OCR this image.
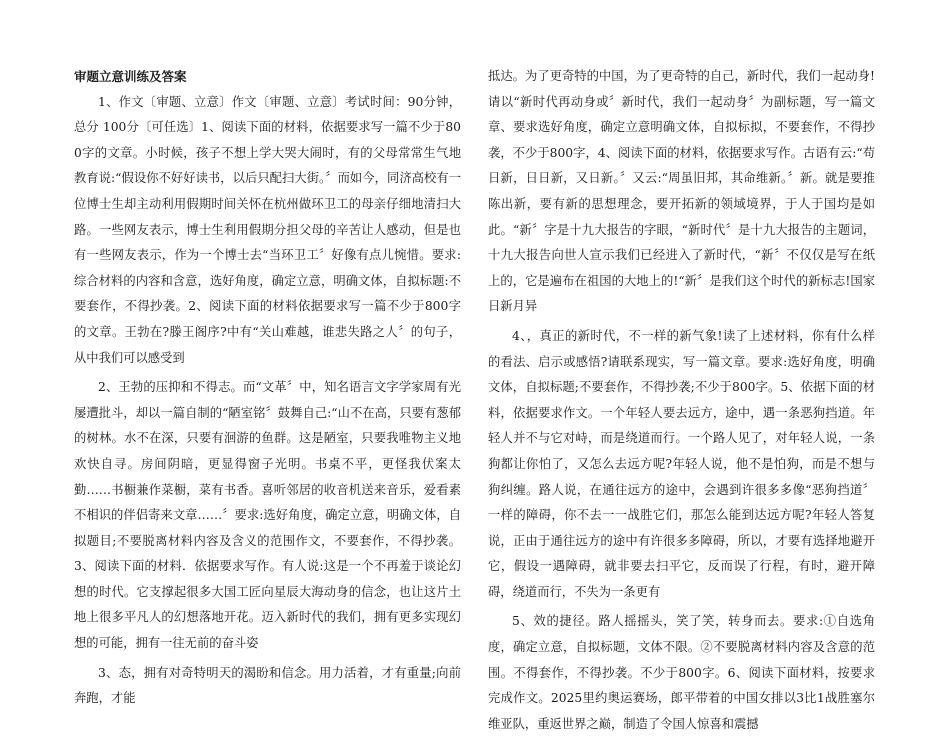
审题立意训练及答案

1、作文〔审题、立意〕作文〔审题、立意〕考试时间：90分钟，总分 100分〔可任选〕1、阅读下面的材料，依据要求写一篇不少于800字的文章。小时候，孩子不想上学大哭大闹时，有的父母常常生气地教育说:“假设你不好好读书，以后只配扫大街。〞而如今，同济高校有一位博士生却主动利用假期时间关怀在杭州做环卫工的母亲仔细地清扫大路。一些网友表示，博士生利用假期分担父母的辛苦让人感动，但是也有一些网友表示，作为一个博士去“当环卫工〞好像有点儿惋惜。要求:综合材料的内容和含意，选好角度，确定立意，明确文体，自拟标题:不要套作，不得抄袭。2、阅读下面的材料依据要求写一篇不少于800字的文章。王勃在?滕王阁序?中有“关山难越，谁悲失路之人〞的句子，从中我们可以感受到

2、王勃的压抑和不得志。而“文革〞中，知名语言文字学家周有光屡遭批斗，却以一篇自制的“陋室铭〞鼓舞自己:“山不在高，只要有葱郁的树林。水不在深，只要有洄游的鱼群。这是陋室，只要我唯物主义地欢快自寻。房间阴暗，更显得窗子光明。书桌不平，更怪我伏案太勤……书橱兼作菜橱，菜有书香。喜听邻居的收音机送来音乐，爱看素不相识的伴侣寄来文章……〞要求:选好角度，确定立意，明确文体，自拟题目;不要脱离材料内容及含义的范围作文，不要套作，不得抄袭。3、阅读下面的材料．依据要求写作。有人说:这是一个不再羞于谈论幻想的时代。它支撑起很多大国工匠向星辰大海动身的信念，也让这片土地上很多平凡人的幻想落地开花。迈入新时代的我们，拥有更多实现幻想的可能，拥有一往无前的奋斗姿

3、态，拥有对奇特明天的渴盼和信念。用力活着，才有重量;向前奔跑，才能

抵达。为了更奇特的中国，为了更奇特的自己，新时代，我们一起动身!请以“新时代再动身或〞新时代，我们一起动身〞为副标题，写一篇文章、要求选好角度，确定立意明确文体，自拟标拟，不要套作，不得抄袭，不少于800字，4、阅读下面的材料，依据要求写作。古语有云:“苟日新，日日新，又日新。〞又云:“周虽旧邦，其命维新。〞新。就是要推陈出新，要有新的思想理念，要开拓新的领域境界，于人于国均是如此。“新〞字是十九大报告的字眼，“新时代〞是十九大报告的主题词，十九大报告向世人宣示我们已经进入了新时代，“新〞不仅仅是写在纸上的，它是遍布在祖国的大地上的!“新〞是我们这个时代的新标志!国家日新月异

4、，真正的新时代，不一样的新气象!读了上述材料，你有什么样的看法、启示或感悟?请联系现实，写一篇文章。要求:选好角度，明确文体，自拟标题;不要套作，不得抄袭;不少于800字。5、依据下面的材料，依据要求作文。一个年轻人要去远方，途中，遇一条恶狗挡道。年轻人并不与它对峙，而是绕道而行。一个路人见了，对年轻人说，一条狗都让你怕了，又怎么去远方呢?年轻人说，他不是怕狗，而是不想与狗纠缠。路人说，在通往远方的途中，会遇到许很多多像“恶狗挡道〞一样的障碍，你不去一一战胜它们，那怎么能到达远方呢?年轻人答复说，正由于通往远方的途中有许很多多障碍，所以，才要有选择地避开它，假设一遇障碍，就非要去扫平它，反而误了行程，有时，避开障碍，绕道而行，不失为一条更有

5、效的捷径。路人摇摇头，笑了笑，转身而去。要求:①自选角度，确定立意，自拟标题，文体不限。②不要脱离材料内容及含意的范围。不得套作，不得抄袭。不少于800字。6、阅读下面材料，按要求完成作文。2025里约奥运赛场，郎平带着的中国女排以3比1战胜塞尔维亚队，重返世界之巅，制造了令国人惊喜和震撼
